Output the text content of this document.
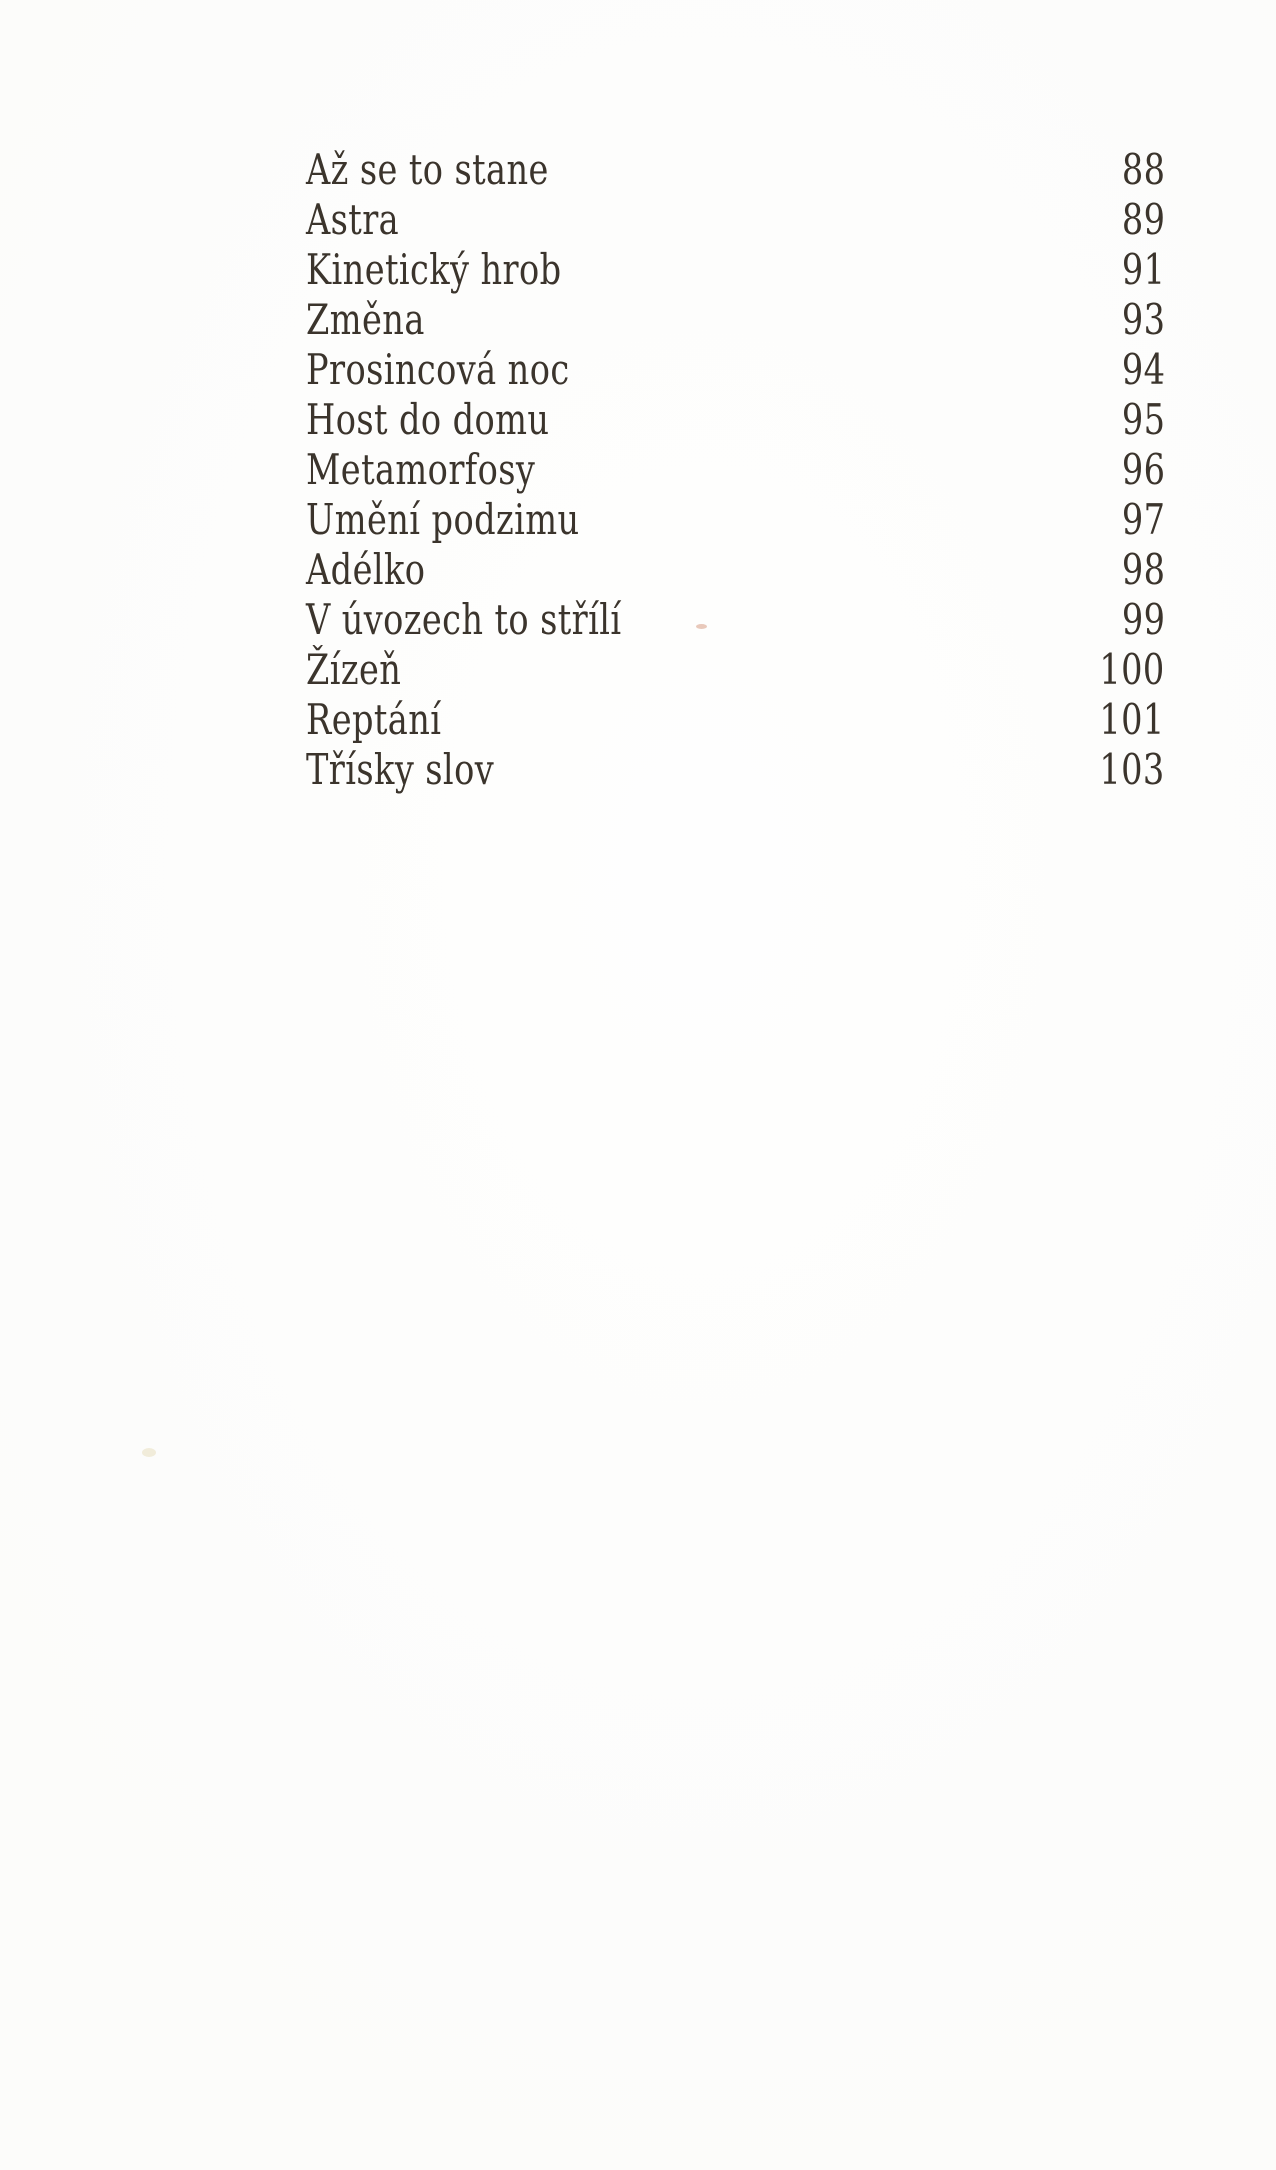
Až se to stane	88
Astra	89
Kinetický hrob	91
Změna	93
Prosincová noc	94
Host do domu	95
Metamorfosy	96
Umění podzimu	97
Adélko	98
V úvozech to střílí	99
Žízeň	100
Reptání	101
Třísky slov	103
